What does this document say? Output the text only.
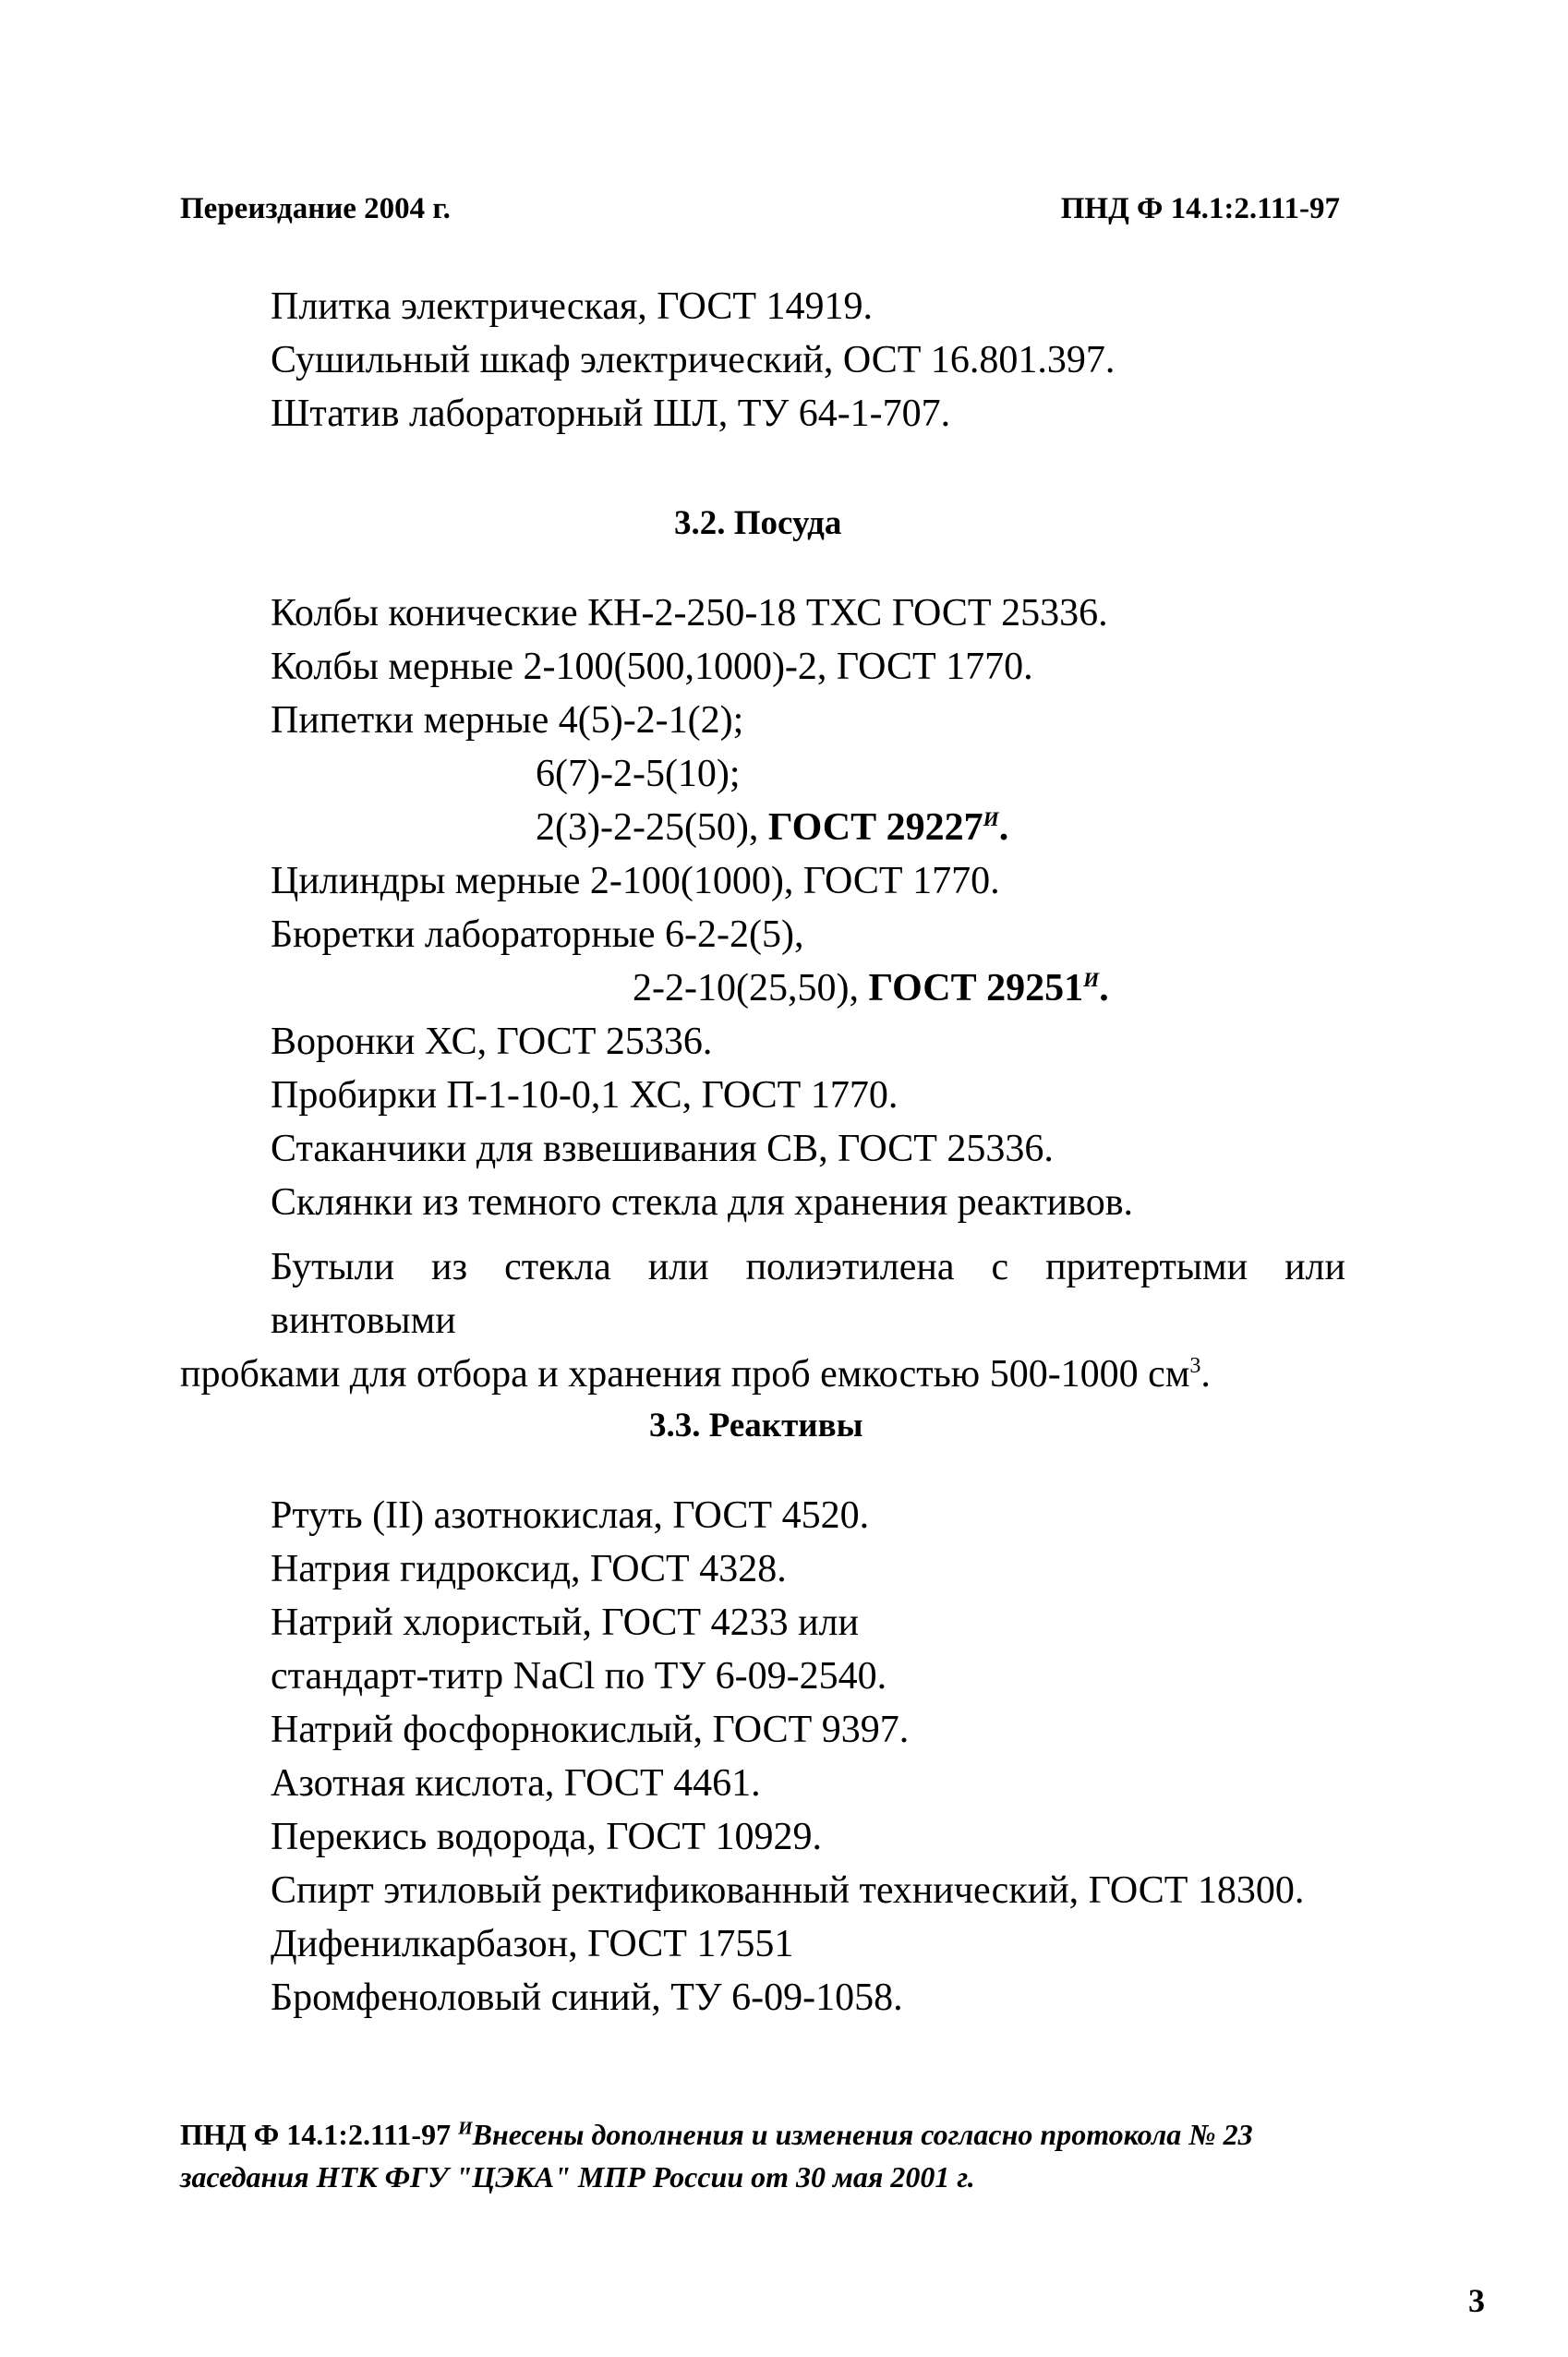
Переиздание 2004 г.	ПНД Ф 14.1:2.111-97
Плитка электрическая, ГОСТ 14919.
Сушильный шкаф электрический, ОСТ 16.801.397.
Штатив лабораторный ШЛ, ТУ 64-1-707.
3.2. Посуда
Колбы конические КН-2-250-18 ТХС ГОСТ 25336.
Колбы мерные 2-100(500,1000)-2, ГОСТ 1770.
Пипетки мерные 4(5)-2-1(2);
6(7)-2-5(10);
2(3)-2-25(50), ГОСТ $29227^И$.
Цилиндры мерные 2-100(1000), ГОСТ 1770.
Бюретки лабораторные 6-2-2(5),
2-2-10(25,50), ГОСТ $29251^И$.
Воронки ХС, ГОСТ 25336.
Пробирки П-1-10-0,1 ХС, ГОСТ 1770.
Стаканчики для взвешивания СВ, ГОСТ 25336.
Склянки из темного стекла для хранения реактивов.
Бутыли из стекла или полиэтилена с притертыми или винтовыми
пробками для отбора и хранения проб емкостью 500-1000 $см^3$.
3.3. Реактивы
Ртуть (II) азотнокислая, ГОСТ 4520.
Натрия гидроксид, ГОСТ 4328.
Натрий хлористый, ГОСТ 4233 или
стандарт-титр NaCl по ТУ 6-09-2540.
Натрий фосфорнокислый, ГОСТ 9397.
Азотная кислота, ГОСТ 4461.
Перекись водорода, ГОСТ 10929.
Спирт этиловый ректификованный технический, ГОСТ 18300.
Дифенилкарбазон, ГОСТ 17551
Бромфеноловый синий, ТУ 6-09-1058.
ПНД Ф 14.1:2.111-97 $^И$Внесены дополнения и изменения согласно протокола № 23
заседания НТК ФГУ "ЦЭКА" МПР России от 30 мая 2001 г.
3
